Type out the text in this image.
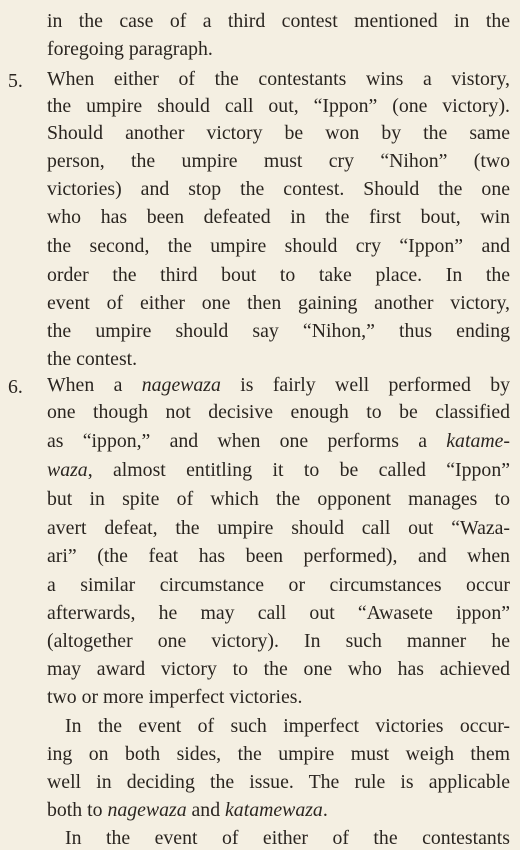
in the case of a third contest mentioned in the
foregoing paragraph.
5. When either of the contestants wins a vistory,
the umpire should call out, “Ippon” (one victory).
Should another victory be won by the same
person, the umpire must cry “Nihon” (two
victories) and stop the contest. Should the one
who has been defeated in the first bout, win
the second, the umpire should cry “Ippon” and
order the third bout to take place. In the
event of either one then gaining another victory,
the umpire should say “Nihon,” thus ending
the contest.
6. When a nagewaza is fairly well performed by
one though not decisive enough to be classified
as “ippon,” and when one performs a katame-
waza, almost entitling it to be called “Ippon”
but in spite of which the opponent manages to
avert defeat, the umpire should call out “Waza-
ari” (the feat has been performed), and when
a similar circumstance or circumstances occur
afterwards, he may call out “Awasete ippon”
(altogether one victory). In such manner he
may award victory to the one who has achieved
two or more imperfect victories.
In the event of such imperfect victories occur-
ing on both sides, the umpire must weigh them
well in deciding the issue. The rule is applicable
both to nagewaza and katamewaza.
In the event of either of the contestants
